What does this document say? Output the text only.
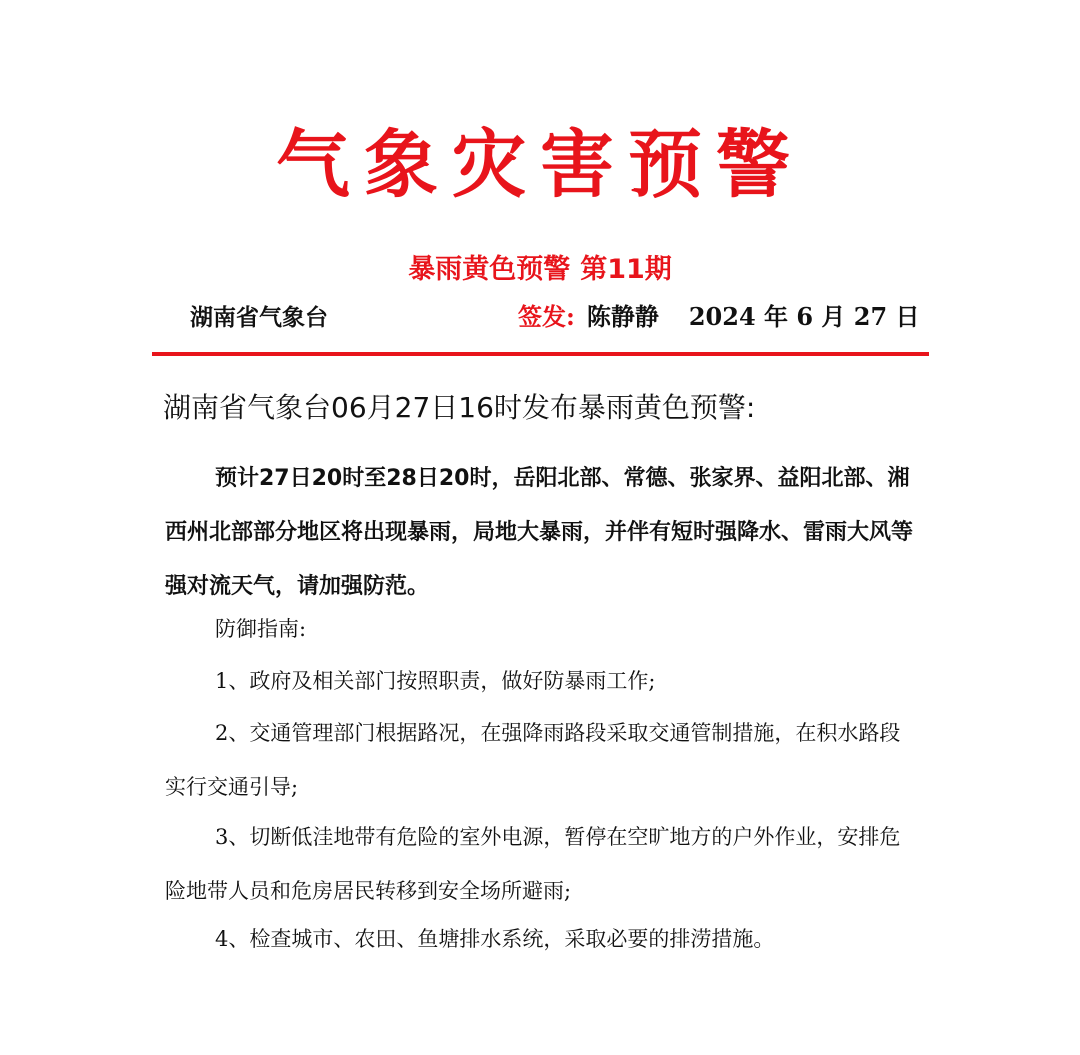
气象灾害预警
暴雨黄色预警 第11期
湖南省气象台	签发: 陈静静 2024 年 6 月 27 日
湖南省气象台06月27日16时发布暴雨黄色预警:

预计27日20时至28日20时，岳阳北部、常德、张家界、益阳北部、湘西州北部部分地区将出现暴雨，局地大暴雨，并伴有短时强降水、雷雨大风等强对流天气，请加强防范。

防御指南:

1、政府及相关部门按照职责，做好防暴雨工作;

2、交通管理部门根据路况，在强降雨路段采取交通管制措施，在积水路段实行交通引导;

3、切断低洼地带有危险的室外电源，暂停在空旷地方的户外作业，安排危险地带人员和危房居民转移到安全场所避雨;

4、检查城市、农田、鱼塘排水系统，采取必要的排涝措施。
